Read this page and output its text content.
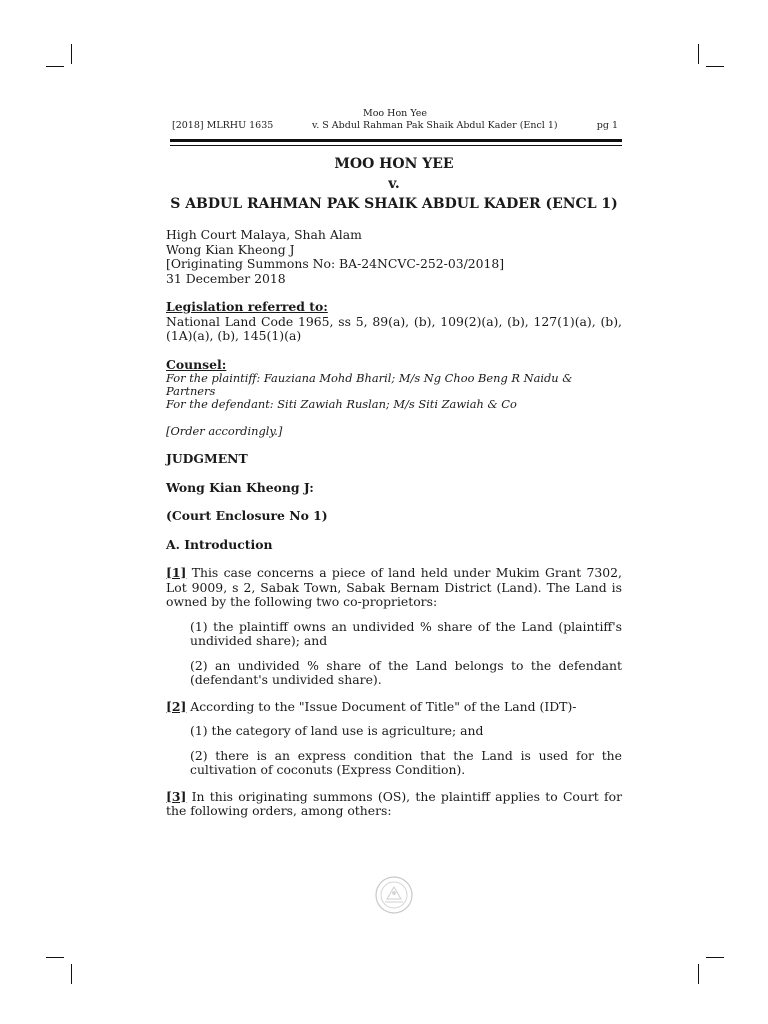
Moo Hon Yee
[2018] MLRHU 1635	v. S Abdul Rahman Pak Shaik Abdul Kader (Encl 1)	pg 1

MOO HON YEE

v.

S ABDUL RAHMAN PAK SHAIK ABDUL KADER (ENCL 1)

High Court Malaya, Shah Alam

Wong Kian Kheong J

[Originating Summons No: BA-24NCVC-252-03/2018]

31 December 2018

Legislation referred to:

National Land Code 1965, ss 5, 89(a), (b), 109(2)(a), (b), 127(1)(a), (b), (1A)(a), (b), 145(1)(a)

Counsel:

For the plaintiff: Fauziana Mohd Bharil; M/s Ng Choo Beng R Naidu & Partners

For the defendant: Siti Zawiah Ruslan; M/s Siti Zawiah & Co

[Order accordingly.]

JUDGMENT

Wong Kian Kheong J:

(Court Enclosure No 1)

A. Introduction

[1] This case concerns a piece of land held under Mukim Grant 7302, Lot 9009, s 2, Sabak Town, Sabak Bernam District (Land). The Land is owned by the following two co-proprietors:

(1) the plaintiff owns an undivided % share of the Land (plaintiff's undivided share); and

(2) an undivided % share of the Land belongs to the defendant (defendant's undivided share).

[2] According to the "Issue Document of Title" of the Land (IDT)-

(1) the category of land use is agriculture; and

(2) there is an express condition that the Land is used for the cultivation of coconuts (Express Condition).

[3] In this originating summons (OS), the plaintiff applies to Court for the following orders, among others:
